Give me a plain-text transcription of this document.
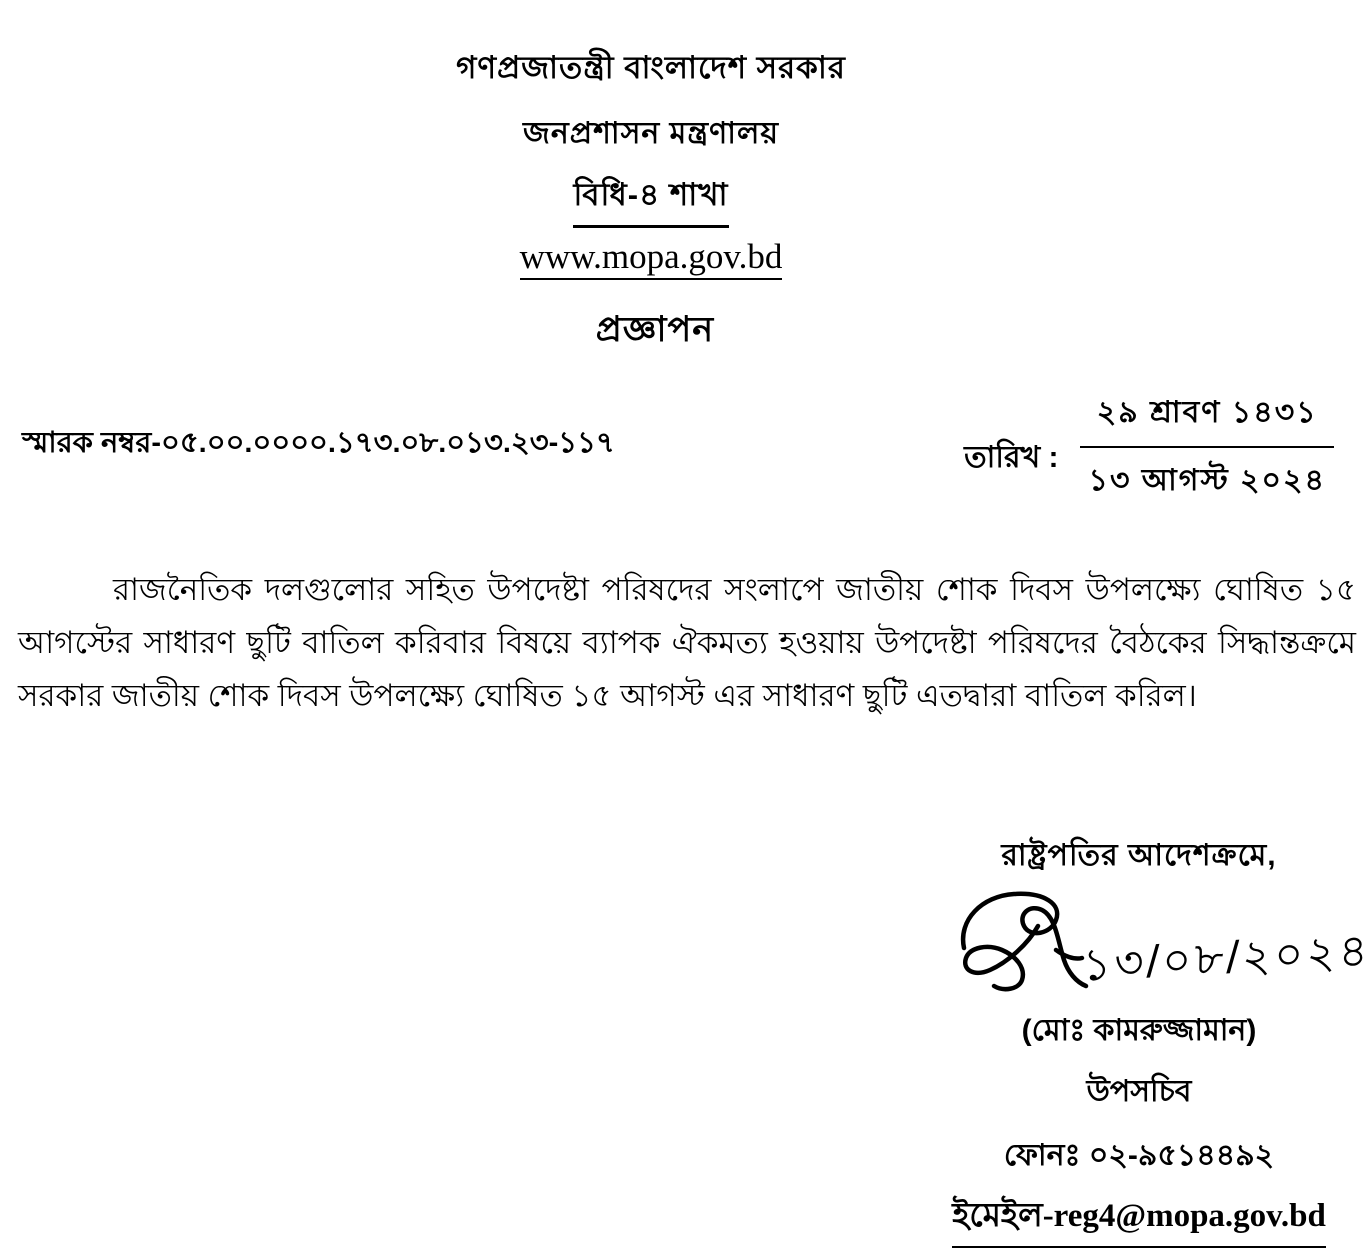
গণপ্রজাতন্ত্রী বাংলাদেশ সরকার
জনপ্রশাসন মন্ত্রণালয়
বিধি-৪ শাখা
www.mopa.gov.bd
প্রজ্ঞাপন
স্মারক নম্বর-০৫.০০.০০০০.১৭৩.০৮.০১৩.২৩-১১৭	তারিখ : $\frac{\text{২৯ শ্রাবণ ১৪৩১}}{\text{১৩ আগস্ট ২০২৪}}$
রাজনৈতিক দলগুলোর সহিত উপদেষ্টা পরিষদের সংলাপে জাতীয় শোক দিবস উপলক্ষ্যে ঘোষিত ১৫ আগস্টের সাধারণ ছুটি বাতিল করিবার বিষয়ে ব্যাপক ঐকমত্য হওয়ায় উপদেষ্টা পরিষদের বৈঠকের সিদ্ধান্তক্রমে সরকার জাতীয় শোক দিবস উপলক্ষ্যে ঘোষিত ১৫ আগস্ট এর সাধারণ ছুটি এতদ্বারা বাতিল করিল।
রাষ্ট্রপতির আদেশক্রমে,
১৩/০৮/২০২৪
(মোঃ কামরুজ্জামান)
উপসচিব
ফোনঃ ০২-৯৫১৪৪৯২
ইমেইল-reg4@mopa.gov.bd
